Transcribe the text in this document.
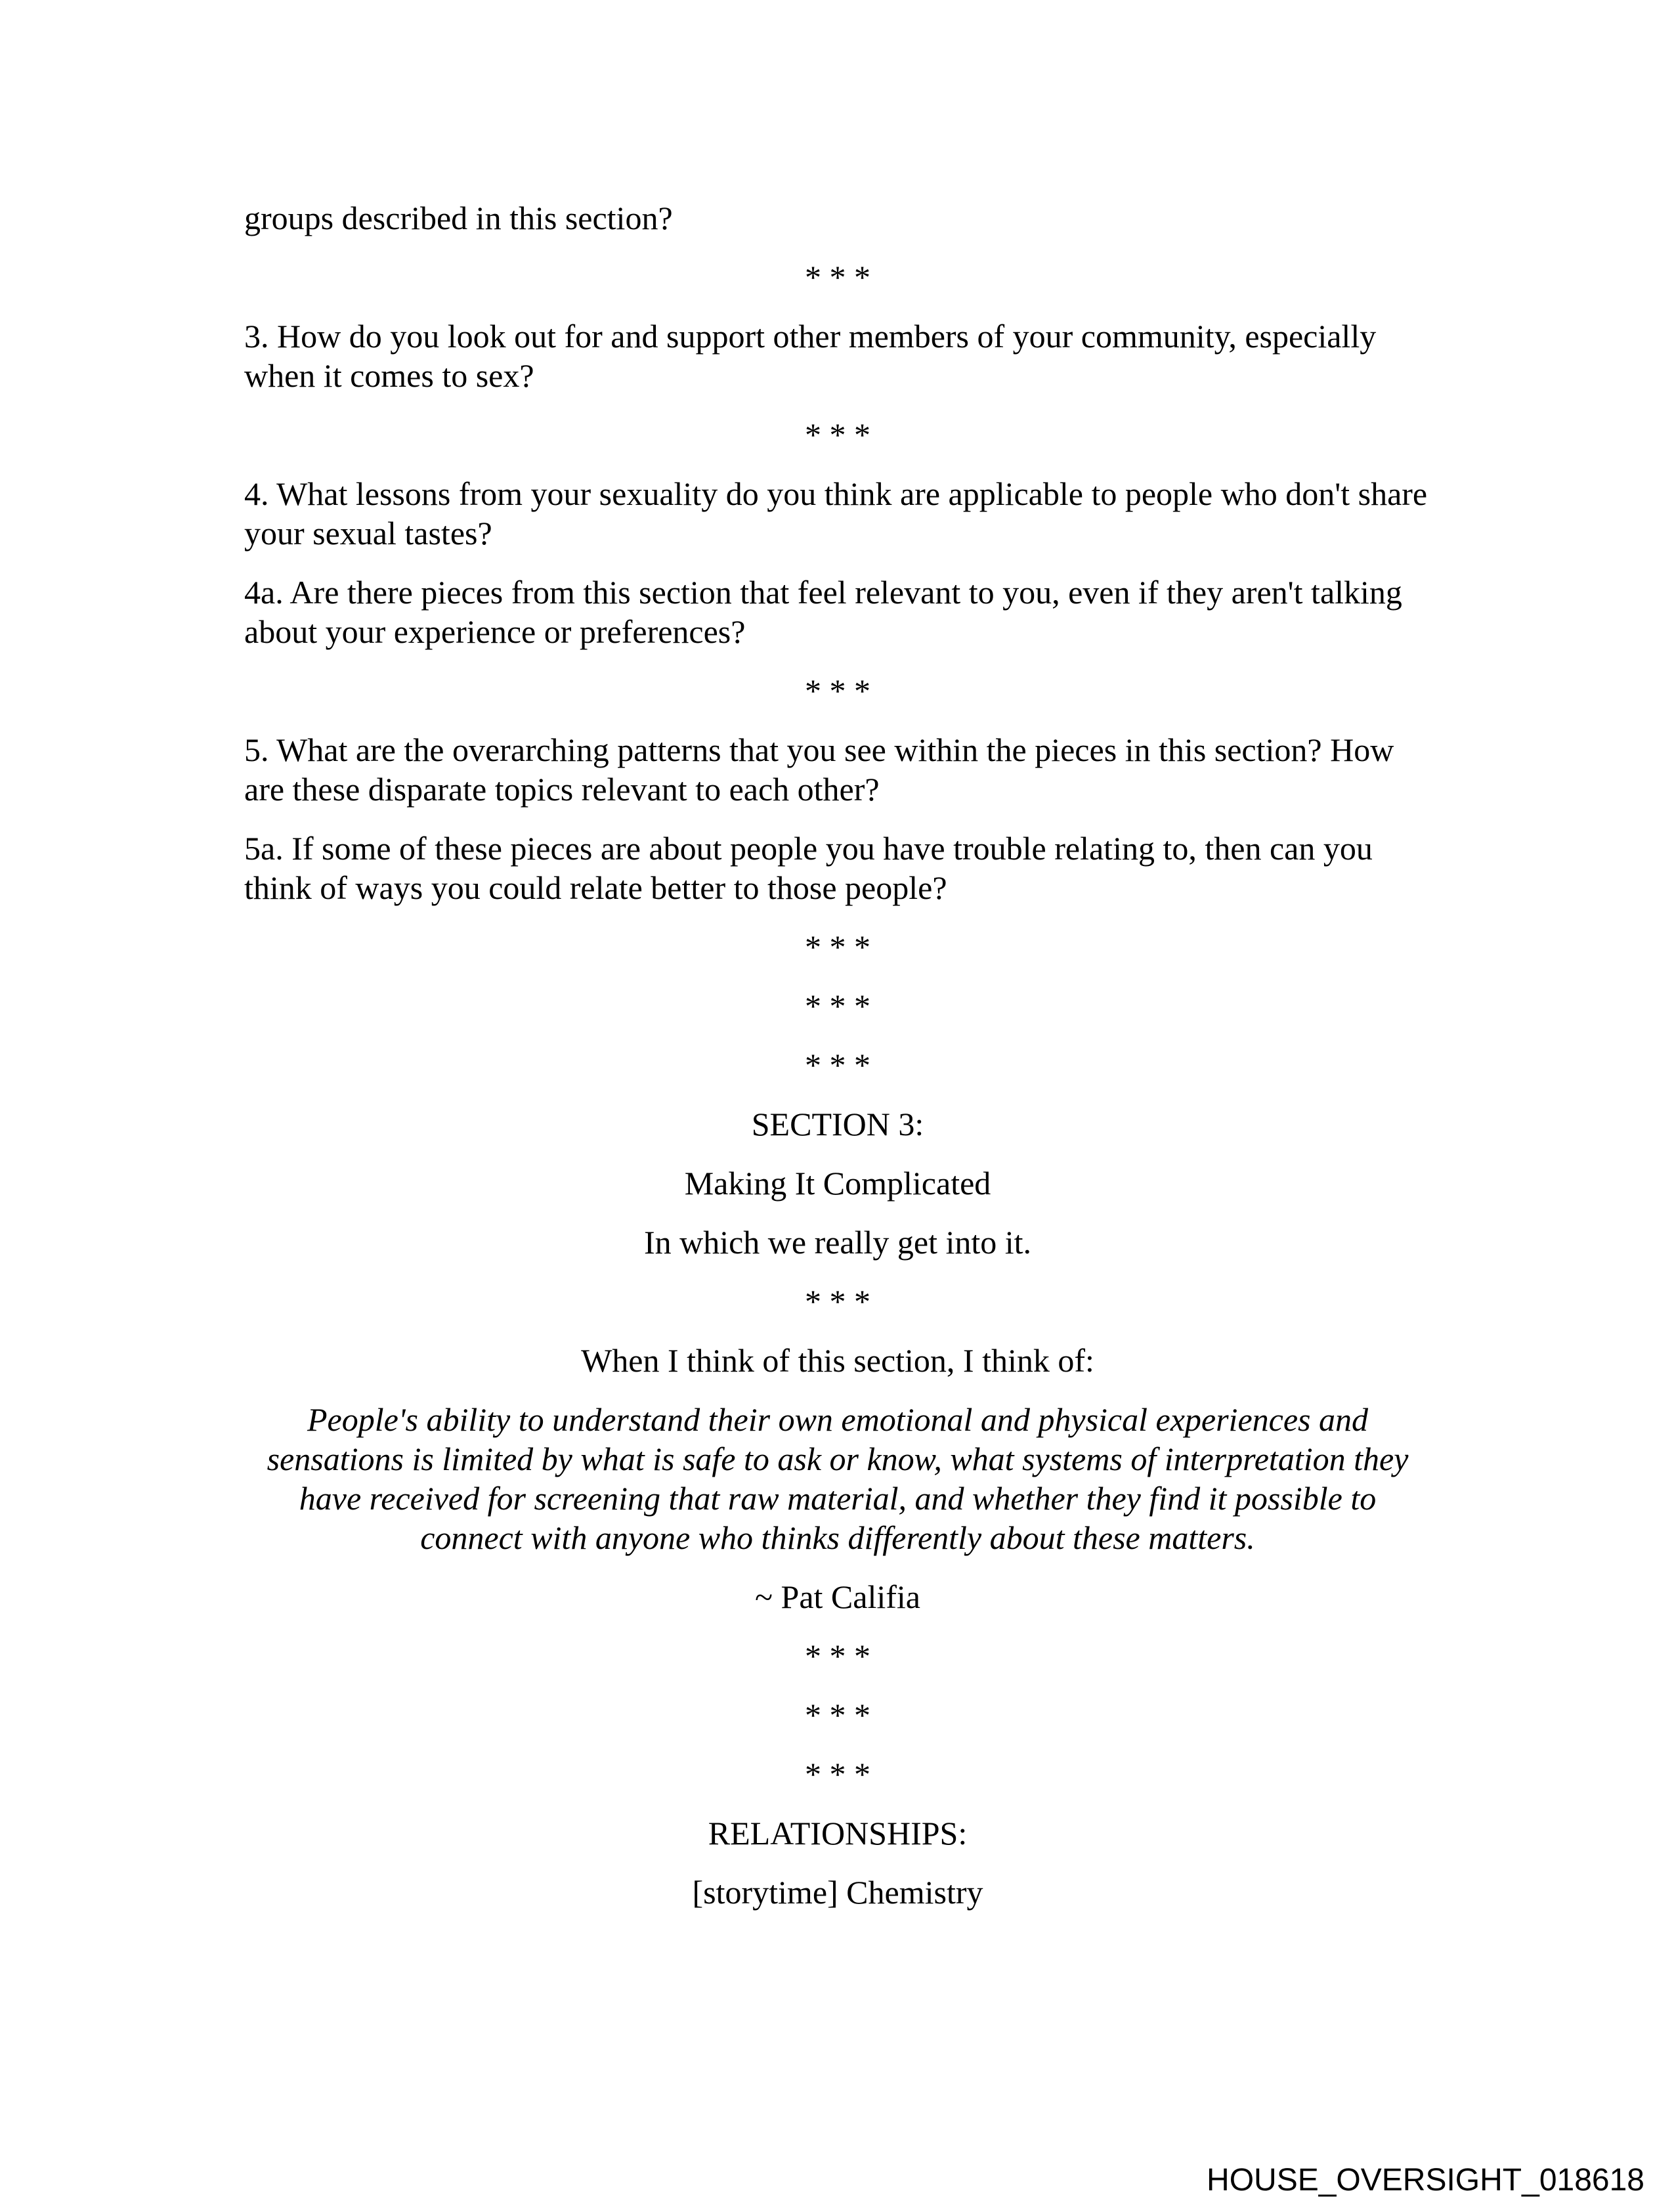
groups described in this section?

* * *

3. How do you look out for and support other members of your community, especially when it comes to sex?

* * *

4. What lessons from your sexuality do you think are applicable to people who don't share your sexual tastes?

4a. Are there pieces from this section that feel relevant to you, even if they aren't talking about your experience or preferences?

* * *

5. What are the overarching patterns that you see within the pieces in this section? How are these disparate topics relevant to each other?

5a. If some of these pieces are about people you have trouble relating to, then can you think of ways you could relate better to those people?

* * *

* * *

* * *

SECTION 3:

Making It Complicated

In which we really get into it.

* * *

When I think of this section, I think of:

People's ability to understand their own emotional and physical experiences and
sensations is limited by what is safe to ask or know, what systems of interpretation they
have received for screening that raw material, and whether they find it possible to
connect with anyone who thinks differently about these matters.

~ Pat Califia

* * *

* * *

* * *

RELATIONSHIPS:

[storytime] Chemistry

HOUSE_OVERSIGHT_018618
